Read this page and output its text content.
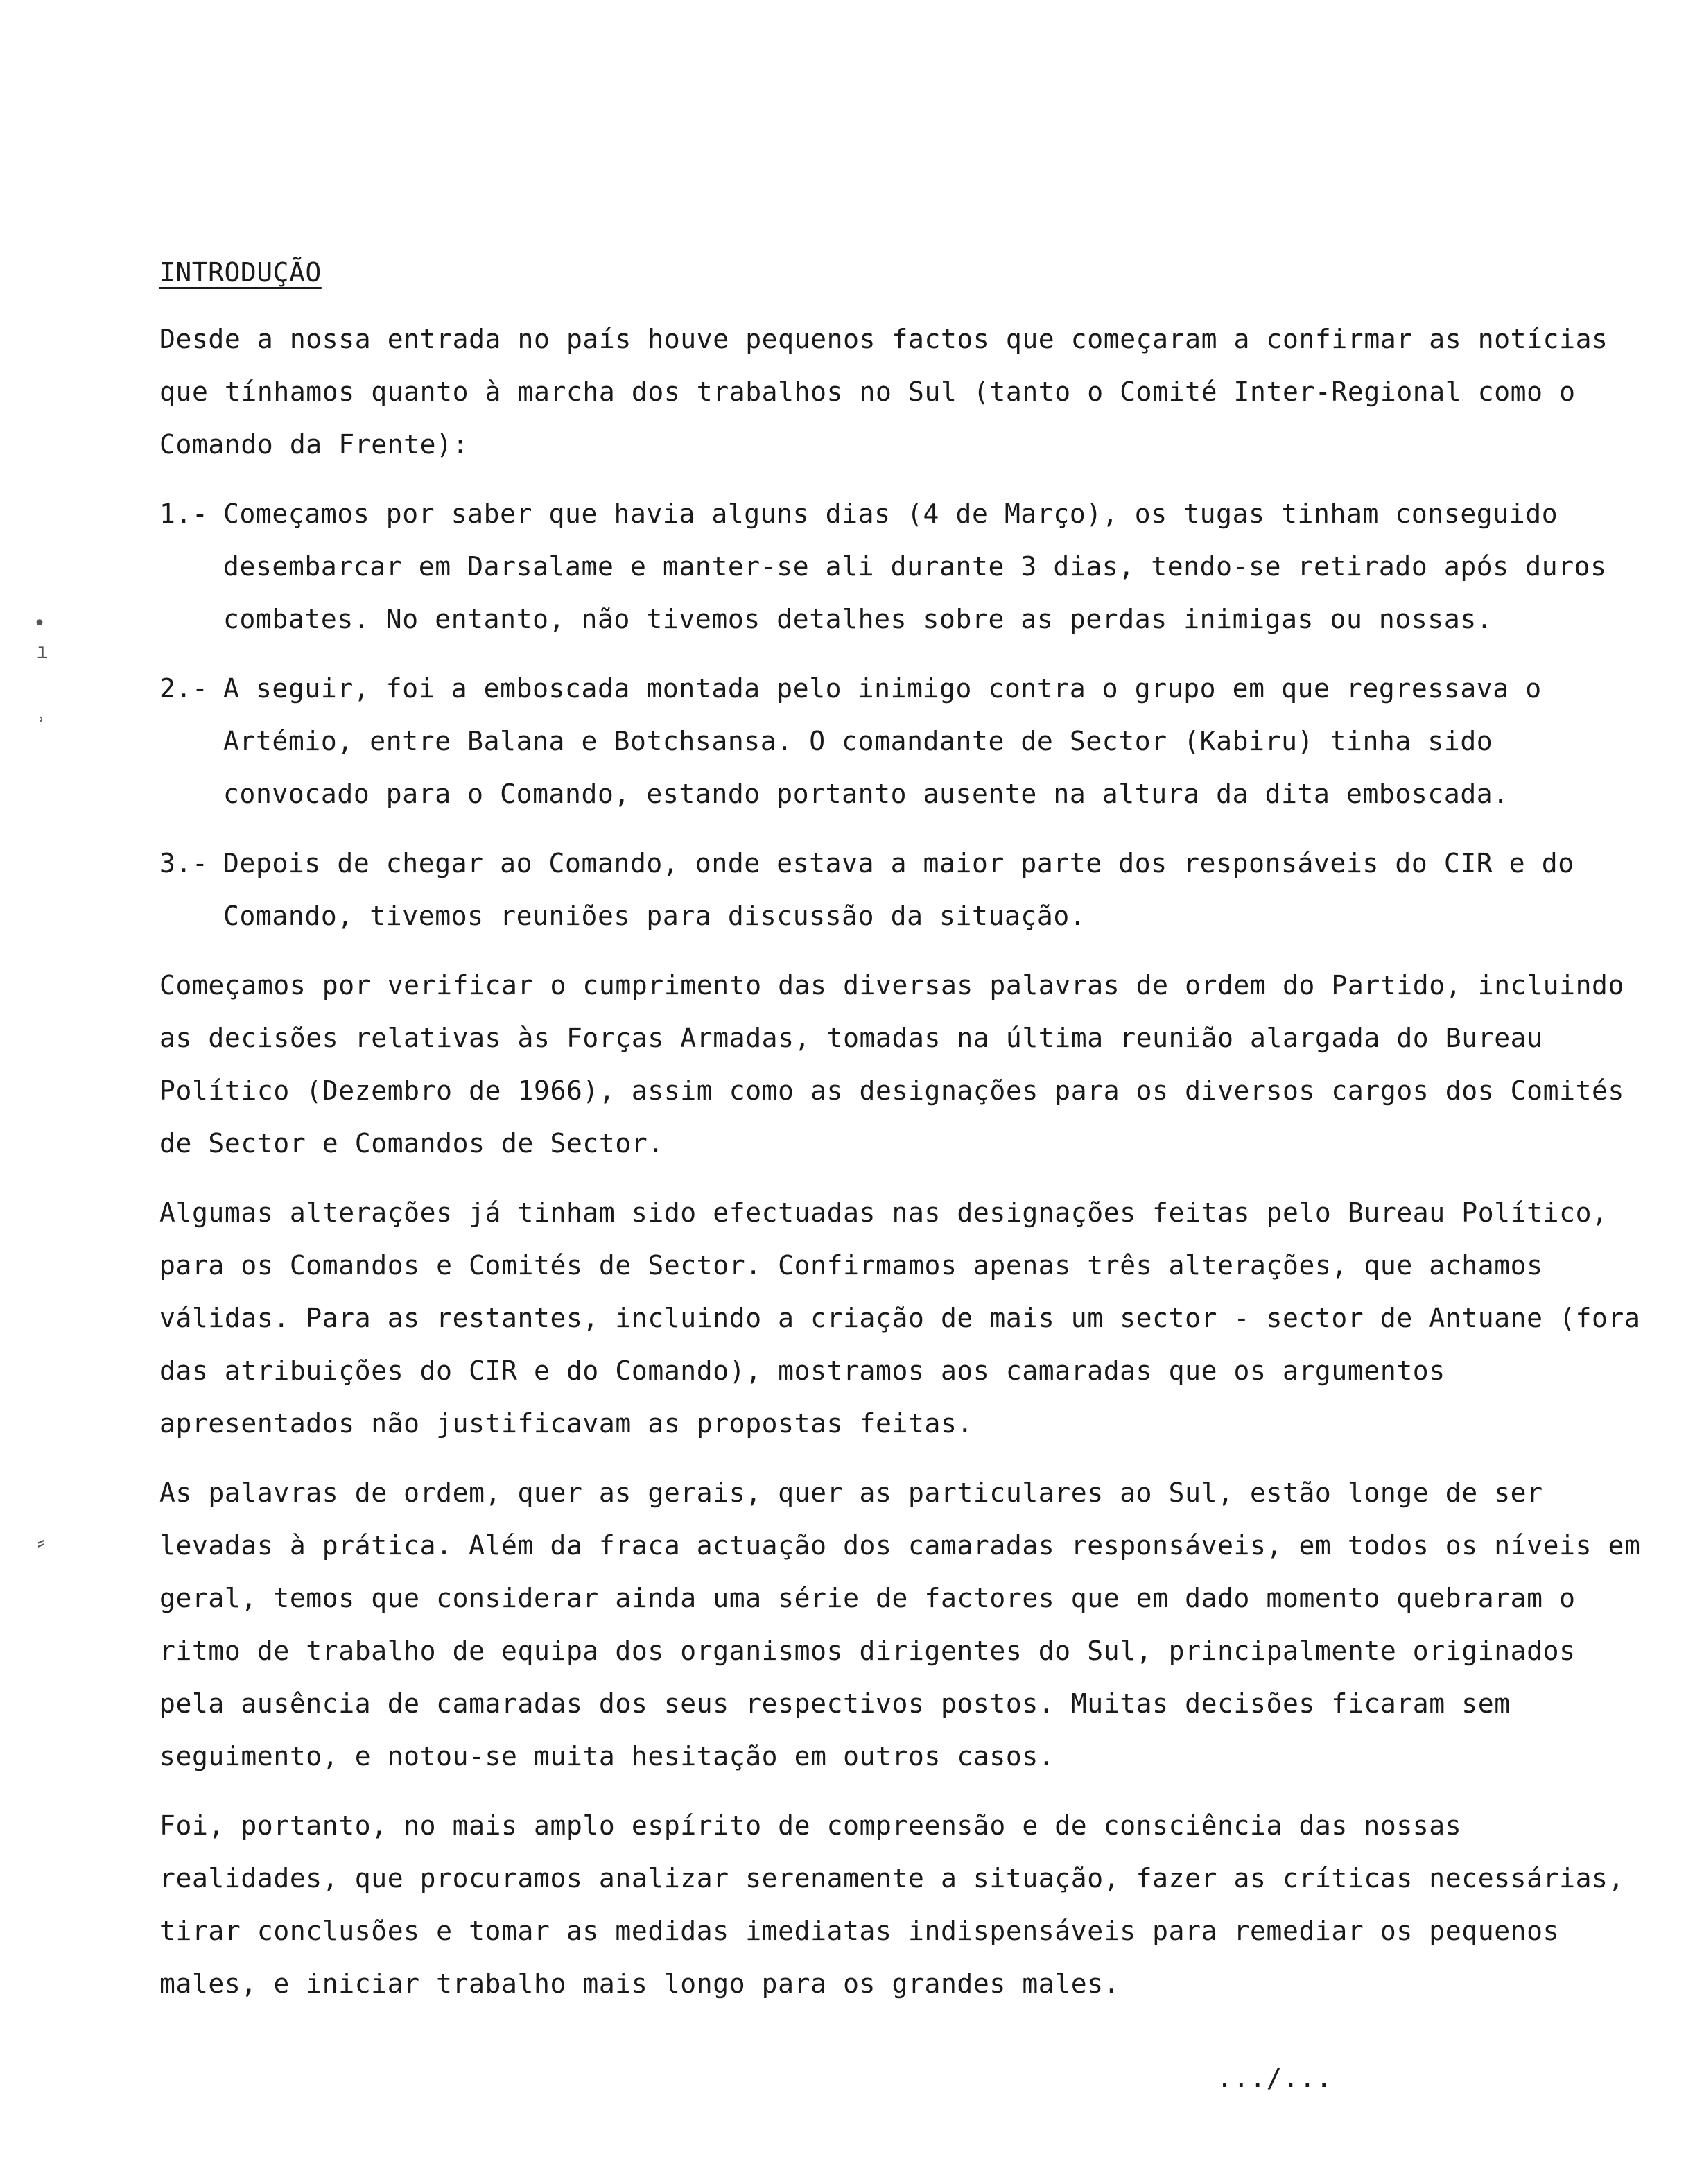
•
ı
˒
⸗
INTRODUÇÃO

Desde a nossa entrada no país houve pequenos factos que começaram a confirmar as notícias que tínhamos quanto à marcha dos trabalhos no Sul (tanto o Comité Inter-Regional como o Comando da Frente):

1.- Começamos por saber que havia alguns dias (4 de Março), os tugas tinham conseguido desembarcar em Darsalame e manter-se ali durante 3 dias, tendo-se retirado após duros combates. No entanto, não tivemos detalhes sobre as perdas inimigas ou nossas.
2.- A seguir, foi a emboscada montada pelo inimigo contra o grupo em que regressava o Artémio, entre Balana e Botchsansa. O comandante de Sector (Kabiru) tinha sido convocado para o Comando, estando portanto ausente na altura da dita emboscada.
3.- Depois de chegar ao Comando, onde estava a maior parte dos responsáveis do CIR e do Comando, tivemos reuniões para discussão da situação.

Começamos por verificar o cumprimento das diversas palavras de ordem do Partido, incluindo as decisões relativas às Forças Armadas, tomadas na última reunião alargada do Bureau Político (Dezembro de 1966), assim como as designações para os diversos cargos dos Comités de Sector e Comandos de Sector.

Algumas alterações já tinham sido efectuadas nas designações feitas pelo Bureau Político, para os Comandos e Comités de Sector. Confirmamos apenas três alterações, que achamos válidas. Para as restantes, incluindo a criação de mais um sector - sector de Antuane (fora das atribuições do CIR e do Comando), mostramos aos camaradas que os argumentos apresentados não justificavam as propostas feitas.

As palavras de ordem, quer as gerais, quer as particulares ao Sul, estão longe de ser levadas à prática. Além da fraca actuação dos camaradas responsáveis, em todos os níveis em geral, temos que considerar ainda uma série de factores que em dado momento quebraram o ritmo de trabalho de equipa dos organismos dirigentes do Sul, principalmente originados pela ausência de camaradas dos seus respectivos postos. Muitas decisões ficaram sem seguimento, e notou-se muita hesitação em outros casos.

Foi, portanto, no mais amplo espírito de compreensão e de consciência das nossas realidades, que procuramos analizar serenamente a situação, fazer as críticas necessárias, tirar conclusões e tomar as medidas imediatas indispensáveis para remediar os pequenos males, e iniciar trabalho mais longo para os grandes males.

.../...
